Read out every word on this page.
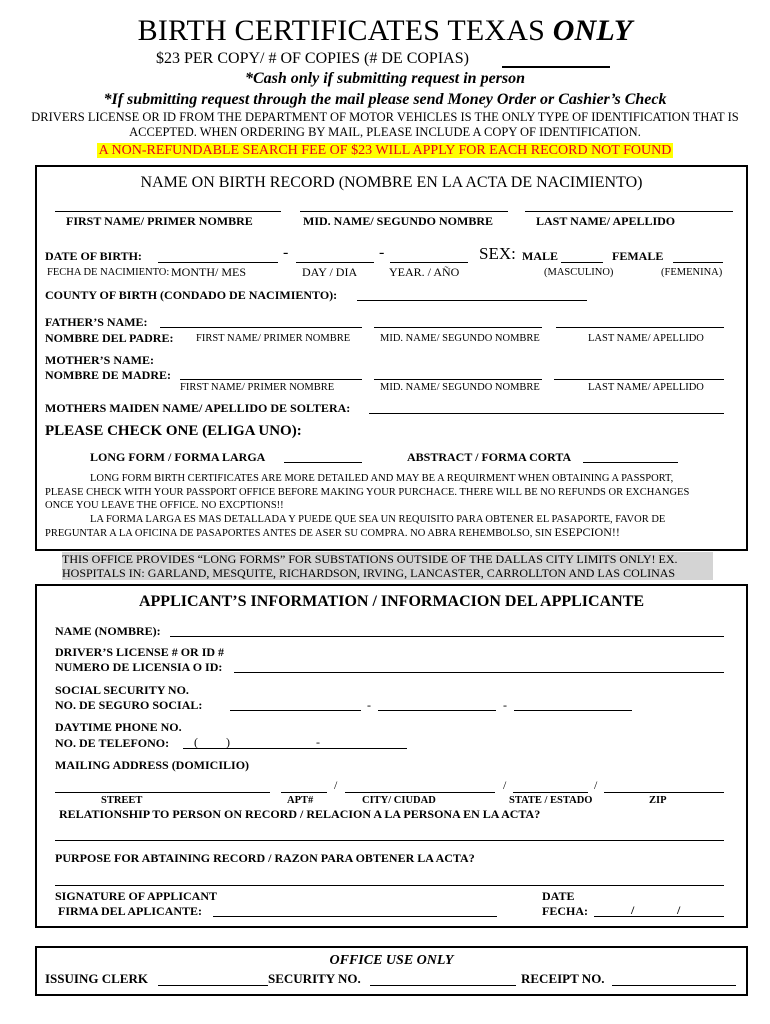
BIRTH CERTIFICATES TEXAS ONLY
$23 PER COPY/ # OF COPIES (# DE COPIAS)
*Cash only if submitting request in person
*If submitting request through the mail please send Money Order or Cashier’s Check
DRIVERS LICENSE OR ID FROM THE DEPARTMENT OF MOTOR VEHICLES IS THE ONLY TYPE OF IDENTIFICATION THAT IS
ACCEPTED. WHEN ORDERING BY MAIL, PLEASE INCLUDE A COPY OF IDENTIFICATION.
A NON-REFUNDABLE SEARCH FEE OF $23 WILL APPLY FOR EACH RECORD NOT FOUND
NAME ON BIRTH RECORD (NOMBRE EN LA ACTA DE NACIMIENTO)
FIRST NAME/ PRIMER NOMBRE	MID. NAME/ SEGUNDO NOMBRE	LAST NAME/ APELLIDO
DATE OF BIRTH:	-	-	SEX: MALE	FEMALE
FECHA DE NACIMIENTO: MONTH/ MES	DAY / DIA	YEAR. / AÑO	(MASCULINO)	(FEMENINA)
COUNTY OF BIRTH (CONDADO DE NACIMIENTO):
FATHER’S NAME:
NOMBRE DEL PADRE: FIRST NAME/ PRIMER NOMBRE	MID. NAME/ SEGUNDO NOMBRE	LAST NAME/ APELLIDO
MOTHER’S NAME:
NOMBRE DE MADRE:
FIRST NAME/ PRIMER NOMBRE	MID. NAME/ SEGUNDO NOMBRE	LAST NAME/ APELLIDO
MOTHERS MAIDEN NAME/ APELLIDO DE SOLTERA:
PLEASE CHECK ONE (ELIGA UNO):
LONG FORM / FORMA LARGA	ABSTRACT / FORMA CORTA
LONG FORM BIRTH CERTIFICATES ARE MORE DETAILED AND MAY BE A REQUIRMENT WHEN OBTAINING A PASSPORT,
PLEASE CHECK WITH YOUR PASSPORT OFFICE BEFORE MAKING YOUR PURCHACE. THERE WILL BE NO REFUNDS OR EXCHANGES
ONCE YOU LEAVE THE OFFICE. NO EXCPTIONS!!
LA FORMA LARGA ES MAS DETALLADA Y PUEDE QUE SEA UN REQUISITO PARA OBTENER EL PASAPORTE, FAVOR DE
PREGUNTAR A LA OFICINA DE PASAPORTES ANTES DE ASER SU COMPRA. NO ABRA REHEMBOLSO, SIN ESEPCION!!
THIS OFFICE PROVIDES “LONG FORMS” FOR SUBSTATIONS OUTSIDE OF THE DALLAS CITY LIMITS ONLY! EX.
HOSPITALS IN: GARLAND, MESQUITE, RICHARDSON, IRVING, LANCASTER, CARROLLTON AND LAS COLINAS
APPLICANT’S INFORMATION / INFORMACION DEL APPLICANTE
NAME (NOMBRE):
DRIVER’S LICENSE # OR ID #
NUMERO DE LICENSIA O ID:
SOCIAL SECURITY NO.
NO. DE SEGURO SOCIAL:	-	-
DAYTIME PHONE NO.
NO. DE TELEFONO: ( )	-
MAILING ADDRESS (DOMICILIO)
/	/	/
STREET	APT#	CITY/ CIUDAD	STATE / ESTADO	ZIP
RELATIONSHIP TO PERSON ON RECORD / RELACION A LA PERSONA EN LA ACTA?
PURPOSE FOR ABTAINING RECORD / RAZON PARA OBTENER LA ACTA?
SIGNATURE OF APPLICANT
FIRMA DEL APLICANTE:
DATE
FECHA:	/	/
OFFICE USE ONLY
ISSUING CLERK	SECURITY NO.	RECEIPT NO.
